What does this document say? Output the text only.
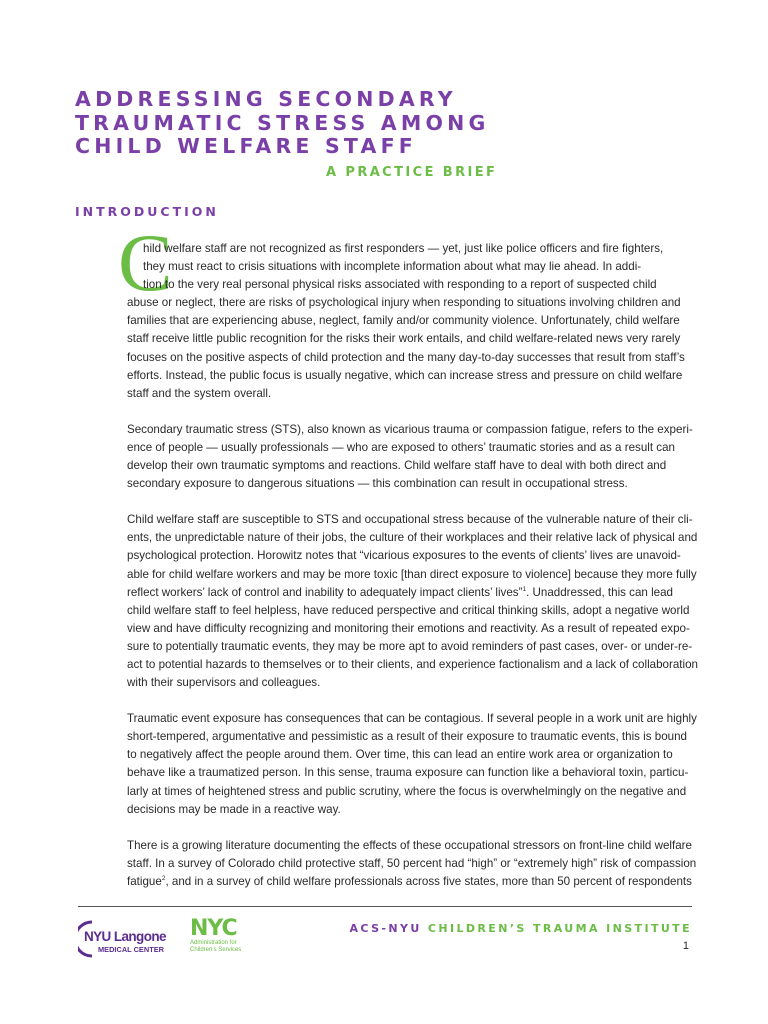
ADDRESSING SECONDARY
TRAUMATIC STRESS AMONG
CHILD WELFARE STAFF
A PRACTICE BRIEF
INTRODUCTION
C

hild welfare staff are not recognized as first responders — yet, just like police officers and fire fighters,
they must react to crisis situations with incomplete information about what may lie ahead. In addi-
tion to the very real personal physical risks associated with responding to a report of suspected child
abuse or neglect, there are risks of psychological injury when responding to situations involving children and
families that are experiencing abuse, neglect, family and/or community violence. Unfortunately, child welfare
staff receive little public recognition for the risks their work entails, and child welfare-related news very rarely
focuses on the positive aspects of child protection and the many day-to-day successes that result from staff’s
efforts. Instead, the public focus is usually negative, which can increase stress and pressure on child welfare
staff and the system overall.

Secondary traumatic stress (STS), also known as vicarious trauma or compassion fatigue, refers to the experi-
ence of people — usually professionals — who are exposed to others’ traumatic stories and as a result can
develop their own traumatic symptoms and reactions. Child welfare staff have to deal with both direct and
secondary exposure to dangerous situations — this combination can result in occupational stress.

Child welfare staff are susceptible to STS and occupational stress because of the vulnerable nature of their cli-
ents, the unpredictable nature of their jobs, the culture of their workplaces and their relative lack of physical and
psychological protection. Horowitz notes that “vicarious exposures to the events of clients’ lives are unavoid-
able for child welfare workers and may be more toxic [than direct exposure to violence] because they more fully
reflect workers’ lack of control and inability to adequately impact clients’ lives”$^1$. Unaddressed, this can lead
child welfare staff to feel helpless, have reduced perspective and critical thinking skills, adopt a negative world
view and have difficulty recognizing and monitoring their emotions and reactivity. As a result of repeated expo-
sure to potentially traumatic events, they may be more apt to avoid reminders of past cases, over- or under-re-
act to potential hazards to themselves or to their clients, and experience factionalism and a lack of collaboration
with their supervisors and colleagues.

Traumatic event exposure has consequences that can be contagious. If several people in a work unit are highly
short-tempered, argumentative and pessimistic as a result of their exposure to traumatic events, this is bound
to negatively affect the people around them. Over time, this can lead an entire work area or organization to
behave like a traumatized person. In this sense, trauma exposure can function like a behavioral toxin, particu-
larly at times of heightened stress and public scrutiny, where the focus is overwhelmingly on the negative and
decisions may be made in a reactive way.

There is a growing literature documenting the effects of these occupational stressors on front-line child welfare
staff. In a survey of Colorado child protective staff, 50 percent had “high” or “extremely high” risk of compassion
fatigue$^2$, and in a survey of child welfare professionals across five states, more than 50 percent of respondents

NYU Langone
MEDICAL CENTER
NYC
Administration for
Children’s Services
ACS-NYU CHILDREN’S TRAUMA INSTITUTE
1
